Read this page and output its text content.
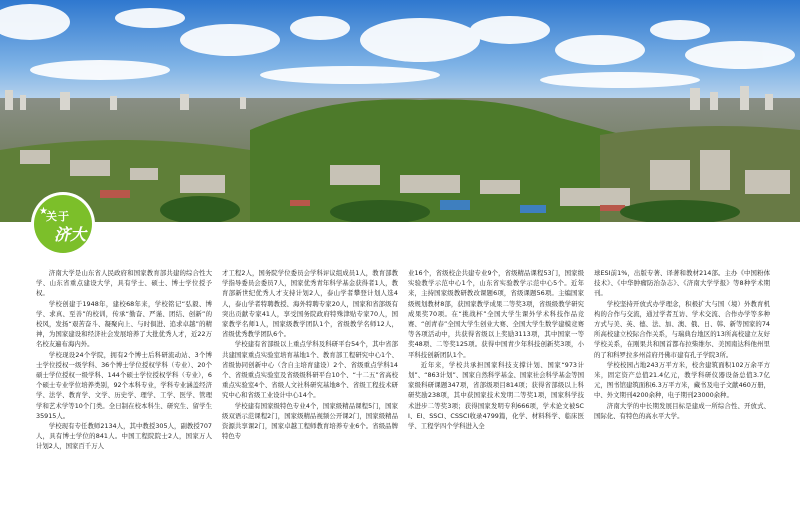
★
关于
济大

济南大学是山东省人民政府和国家教育部共建的综合性大学、山东省重点建设大学，具有学士、硕士、博士学位授予权。

学校创建于1948年，建校68年来，学校铭记“弘毅、博学、求真、至善”的校训，传承“勤奋、严谨、团结、创新”的校风，发扬“艰苦奋斗、凝聚向上、与时俱进、追求卓越”的精神，为国家建设和经济社会发展培养了大批优秀人才，近22万名校友遍布海内外。

学校现设24个学院，拥有2个博士后科研流动站、3个博士学位授权一级学科、36个博士学位授权学科（专业）、20个硕士学位授权一级学科、144个硕士学位授权学科（专业），6个硕士专业学位培养类别，92个本科专业，学科专业涵盖经济学、法学、教育学、文学、历史学、理学、工学、医学、管理学和艺术学等10个门类。全日制在校本科生、研究生、留学生35915人。

学校现有专任教师2134人，其中教授305人，副教授707人，具有博士学位的841人。中国工程院院士2人，国家万人计划2人，国家百千万人

才工程2人，国务院学位委员会学科评议组成员1人，教育部教学指导委员会委员7人，国家优秀青年科学基金获得者1人，教育部新世纪优秀人才支持计划2人，泰山学者攀登计划人选4人，泰山学者特聘教授、海外特聘专家20人，国家和省部级有突出贡献专家41人，享受国务院政府特殊津贴专家70人，国家教学名师1人，国家级教学团队1个，省级教学名师12人，省级优秀教学团队6个。

学校建有省部级以上重点学科及科研平台54个，其中省部共建国家重点实验室培育基地1个、教育部工程研究中心1个、省级协同创新中心（含自主培育建设）2个、省级重点学科14个、省级重点实验室及省级级科研平台10个、“十二五”省高校重点实验室4个、省级人文社科研究基地8个、省级工程技术研究中心和省级工业设计中心14个。

学校建有国家级特色专业4个，国家级精品课程5门，国家级双语示范课程2门，国家级精品视频公开课2门，国家级精品资源共享课2门，国家卓越工程师教育培养专业6个。省级品牌特色专

业16个，省级校企共建专业9个，省级精品课程53门，国家级实验教学示范中心1个，山东省实验教学示范中心5个。近年来，主持国家级教研教改课题6项，省级课题56项。主编国家级规划教材8部，获国家教学成果二等奖3项，省级级教学研究成果奖70项。在“挑战杯”全国大学生课外学术科技作品竞赛、“创青春”全国大学生创业大赛、全国大学生数学建模竞赛等各项活动中，共获得省级以上奖励3113项，其中国家一等奖48项、二等奖125项。获得中国青少年科技创新奖3项，小平科技创新团队1个。

近年来，学校共承担国家科技支撑计划、国家“973计划”、“863计划”、国家自然科学基金、国家社会科学基金等国家级科研课题347项，省部级项目814项；获得省部级以上科研奖励238项，其中获国家技术发明二等奖1项，国家科学技术进步二等奖3项；获得国家发明专利666项，学术论文被SCI、EI、SSCI、CSSCI收录4799篇，化学、材料科学、临床医学、工程学四个学科进入全

球ESI前1%，出版专著、译著和教材214部。主办《中国粉体技术》、《中华肿瘤防治杂志》、《济南大学学报》等8种学术期刊。

学校坚持开放式办学理念，积极扩大与国（境）外教育机构的合作与交流，通过学者互访、学术交流、合作办学等多种方式与美、英、德、法、加、澳、俄、日、韩、新等国家的74所高校建立校际合作关系，与瑞典台地区的13所高校建立友好学校关系，在刚果共和国首都布拉柴维尔、美国南达科他州里的了和科罗拉多州首府丹佛市建有孔子学院3所。

学校校园占地243万平方米，校舍建筑面积102万余平方米，固定资产总值21.4亿元，教学科研仪器设备总值3.7亿元，图书馆建筑面积6.3万平方米，藏书及电子文献460万册，中、外文期刊4200余种，电子期刊23000余种。

济南大学的中长期发展目标是建成一所综合性、开放式、国际化、有特色的高水平大学。
